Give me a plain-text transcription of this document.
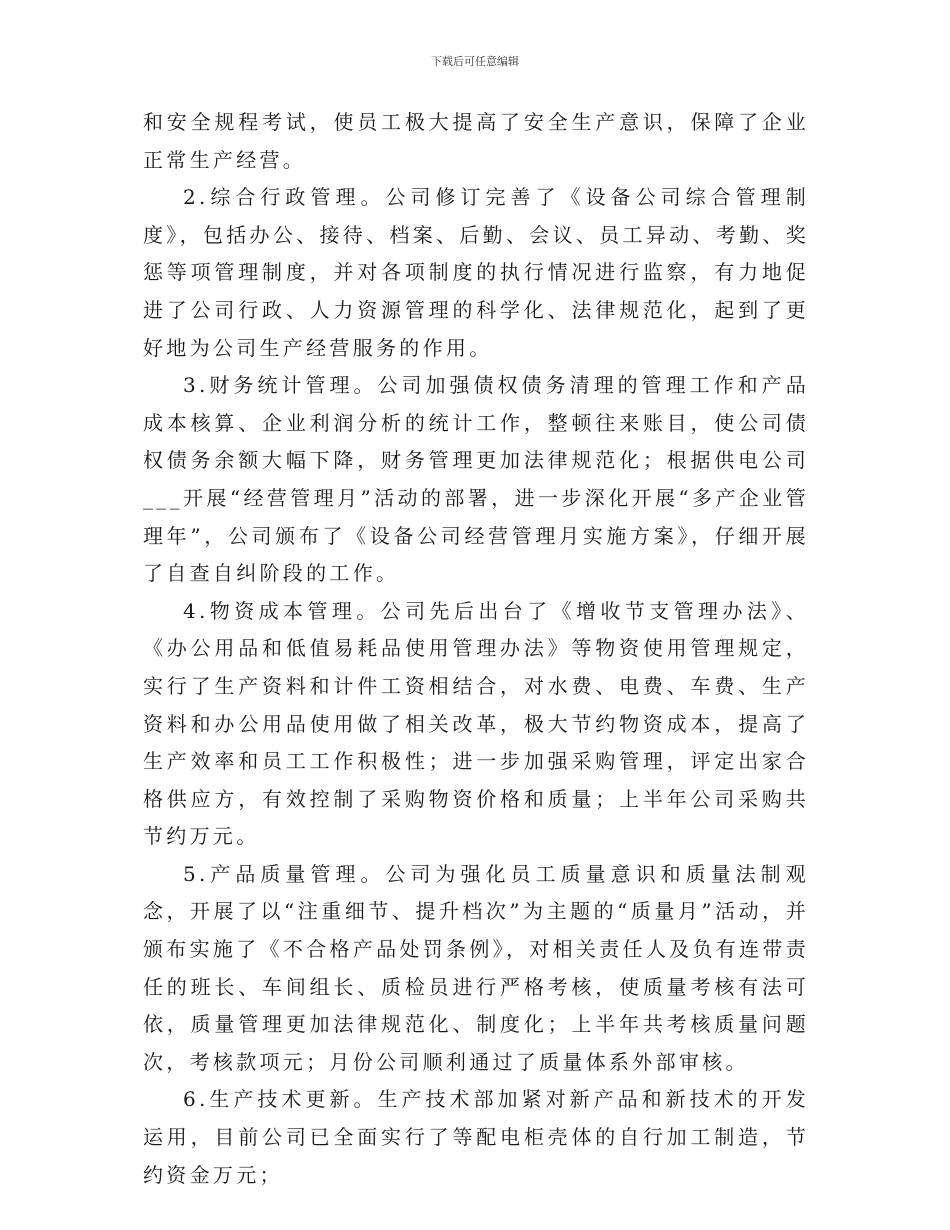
下载后可任意编辑

和安全规程考试，使员工极大提高了安全生产意识，保障了企业正常生产经营。

2.综合行政管理。公司修订完善了《设备公司综合管理制度》，包括办公、接待、档案、后勤、会议、员工异动、考勤、奖惩等项管理制度，并对各项制度的执行情况进行监察，有力地促进了公司行政、人力资源管理的科学化、法律规范化，起到了更好地为公司生产经营服务的作用。

3.财务统计管理。公司加强债权债务清理的管理工作和产品成本核算、企业利润分析的统计工作，整顿往来账目，使公司债权债务余额大幅下降，财务管理更加法律规范化；根据供电公司___开展“经营管理月”活动的部署，进一步深化开展“多产企业管理年”，公司颁布了《设备公司经营管理月实施方案》，仔细开展了自查自纠阶段的工作。

4.物资成本管理。公司先后出台了《增收节支管理办法》、《办公用品和低值易耗品使用管理办法》等物资使用管理规定，实行了生产资料和计件工资相结合，对水费、电费、车费、生产资料和办公用品使用做了相关改革，极大节约物资成本，提高了生产效率和员工工作积极性；进一步加强采购管理，评定出家合格供应方，有效控制了采购物资价格和质量；上半年公司采购共节约万元。

5.产品质量管理。公司为强化员工质量意识和质量法制观念，开展了以“注重细节、提升档次”为主题的“质量月”活动，并颁布实施了《不合格产品处罚条例》，对相关责任人及负有连带责任的班长、车间组长、质检员进行严格考核，使质量考核有法可依，质量管理更加法律规范化、制度化；上半年共考核质量问题次，考核款项元；月份公司顺利通过了质量体系外部审核。

6.生产技术更新。生产技术部加紧对新产品和新技术的开发运用，目前公司已全面实行了等配电柜壳体的自行加工制造，节约资金万元；
